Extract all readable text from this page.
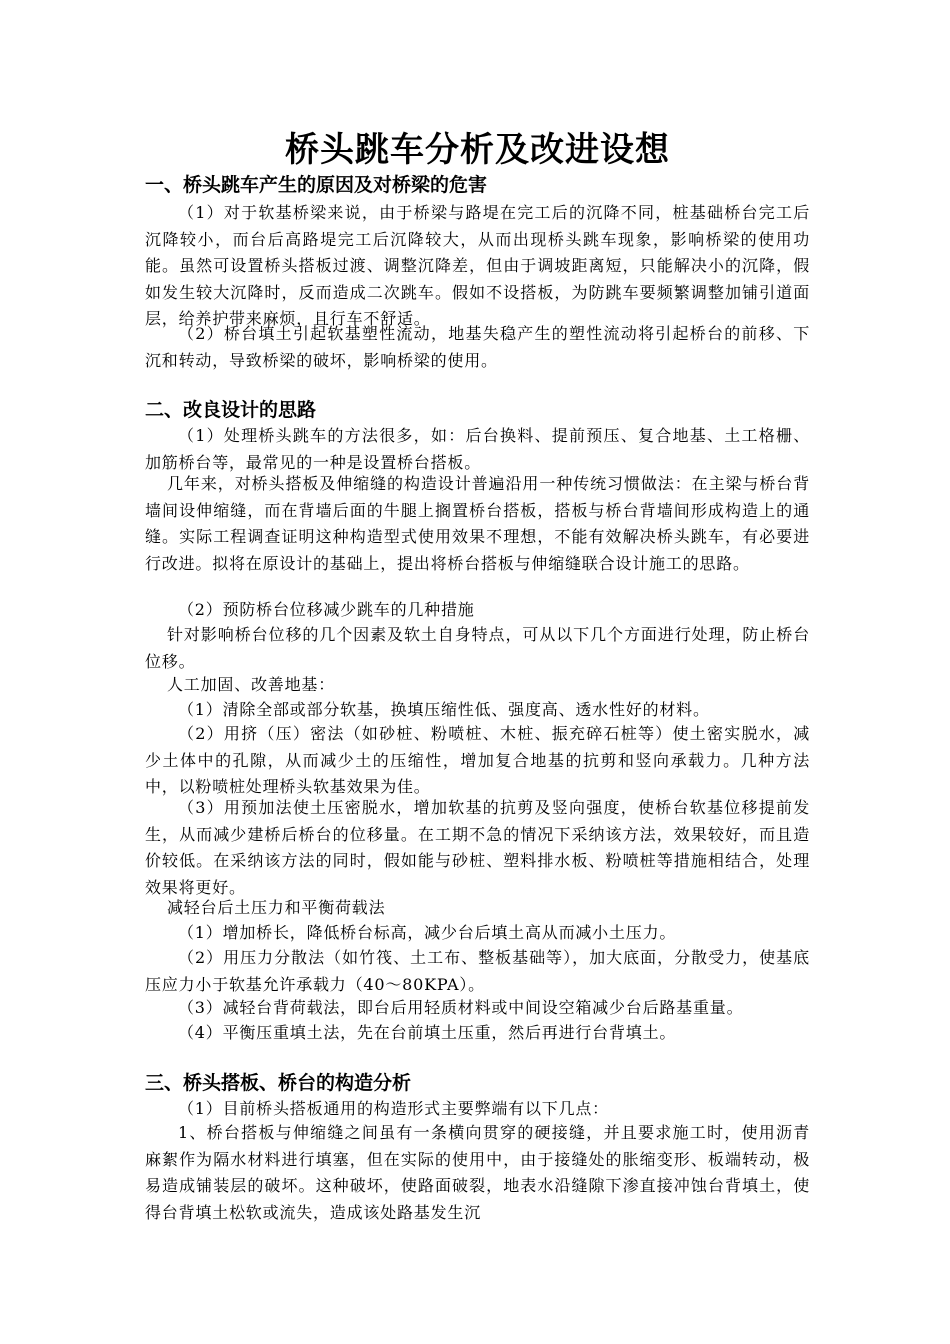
桥头跳车分析及改进设想
一、桥头跳车产生的原因及对桥梁的危害
（1）对于软基桥梁来说，由于桥梁与路堤在完工后的沉降不同，桩基础桥台完工后沉降较小，而台后高路堤完工后沉降较大，从而出现桥头跳车现象，影响桥梁的使用功能。虽然可设置桥头搭板过渡、调整沉降差，但由于调坡距离短，只能解决小的沉降，假如发生较大沉降时，反而造成二次跳车。假如不设搭板，为防跳车要频繁调整加铺引道面层，给养护带来麻烦，且行车不舒适。
（2）桥台填土引起软基塑性流动，地基失稳产生的塑性流动将引起桥台的前移、下沉和转动，导致桥梁的破坏，影响桥梁的使用。
二、改良设计的思路
（1）处理桥头跳车的方法很多，如：后台换料、提前预压、复合地基、土工格栅、加筋桥台等，最常见的一种是设置桥台搭板。
几年来，对桥头搭板及伸缩缝的构造设计普遍沿用一种传统习惯做法：在主梁与桥台背墙间设伸缩缝，而在背墙后面的牛腿上搁置桥台搭板，搭板与桥台背墙间形成构造上的通缝。实际工程调查证明这种构造型式使用效果不理想，不能有效解决桥头跳车，有必要进行改进。拟将在原设计的基础上，提出将桥台搭板与伸缩缝联合设计施工的思路。
（2）预防桥台位移减少跳车的几种措施
针对影响桥台位移的几个因素及软土自身特点，可从以下几个方面进行处理，防止桥台位移。
人工加固、改善地基：
（1）清除全部或部分软基，换填压缩性低、强度高、透水性好的材料。
（2）用挤（压）密法（如砂桩、粉喷桩、木桩、振充碎石桩等）使土密实脱水，减少土体中的孔隙，从而减少土的压缩性，增加复合地基的抗剪和竖向承载力。几种方法中，以粉喷桩处理桥头软基效果为佳。
（3）用预加法使土压密脱水，增加软基的抗剪及竖向强度，使桥台软基位移提前发生，从而减少建桥后桥台的位移量。在工期不急的情况下采纳该方法，效果较好，而且造价较低。在采纳该方法的同时，假如能与砂桩、塑料排水板、粉喷桩等措施相结合，处理效果将更好。
减轻台后土压力和平衡荷载法
（1）增加桥长，降低桥台标高，减少台后填土高从而减小土压力。
（2）用压力分散法（如竹筏、土工布、整板基础等），加大底面，分散受力，使基底压应力小于软基允许承载力（40～80KPA）。
（3）减轻台背荷载法，即台后用轻质材料或中间设空箱减少台后路基重量。
（4）平衡压重填土法，先在台前填土压重，然后再进行台背填土。
三、桥头搭板、桥台的构造分析
（1）目前桥头搭板通用的构造形式主要弊端有以下几点：
1、桥台搭板与伸缩缝之间虽有一条横向贯穿的硬接缝，并且要求施工时，使用沥青麻絮作为隔水材料进行填塞，但在实际的使用中，由于接缝处的胀缩变形、板端转动，极易造成铺装层的破坏。这种破坏，使路面破裂，地表水沿缝隙下渗直接冲蚀台背填土，使得台背填土松软或流失，造成该处路基发生沉
